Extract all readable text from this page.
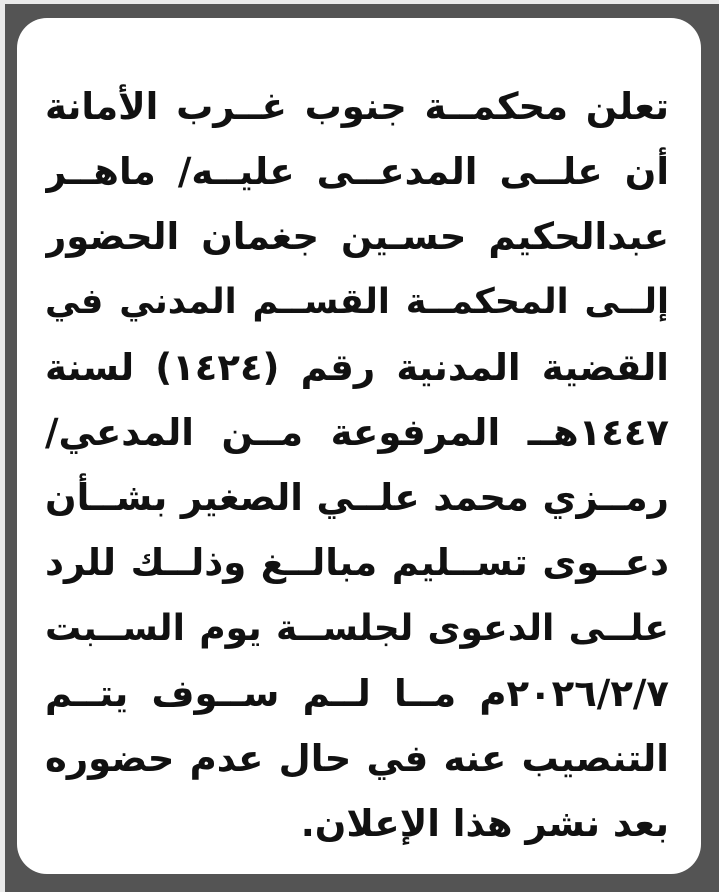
تعلن محكمــة جنوب غــرب الأمانة
أن علــى المدعــى عليــه/ ماهــر
عبدالحكيم حسـين جغمان الحضور
إلــى المحكمــة القســم المدني في
القضية المدنية رقم (١٤٢٤) لسنة
١٤٤٧هــ المرفوعة مــن المدعي/
رمــزي محمد علــي الصغير بشــأن
دعــوى تســليم مبالــغ وذلــك للرد
علــى الدعوى لجلســة يوم الســبت
٢٠٢٦/٢/٧م مــا لــم ســوف يتــم
التنصيب عنه في حال عدم حضوره
بعد نشر هذا الإعلان.
